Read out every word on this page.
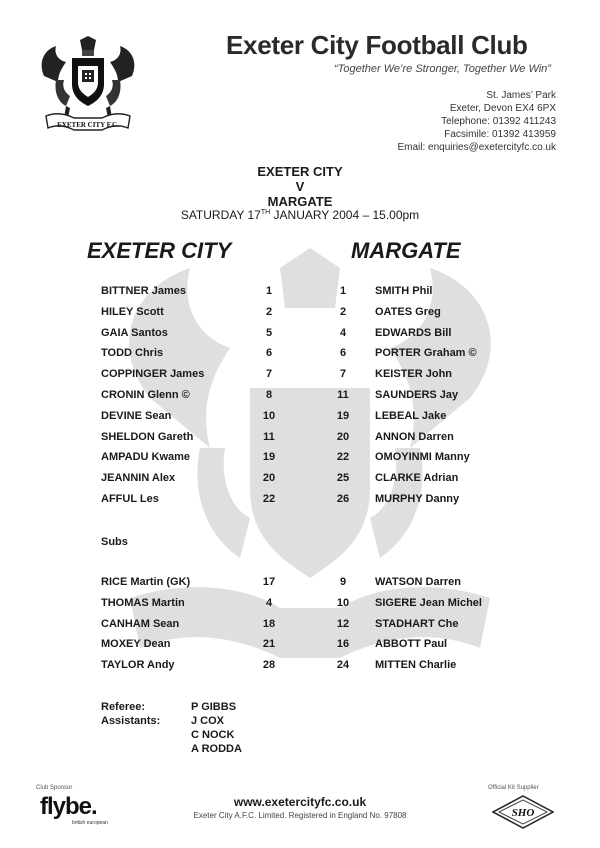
EXETER CITY F.C.
Exeter City Football Club
“Together We’re Stronger, Together We Win”
St. James’ Park
Exeter, Devon EX4 6PX
Telephone: 01392 411243
Facsimile: 01392 413959
Email: enquiries@exetercityfc.co.uk
EXETER CITY
V
MARGATE
SATURDAY 17TH JANUARY 2004 – 15.00pm
EXETER CITY	MARGATE
BITTNER James	1	1	SMITH Phil
HILEY Scott	2	2	OATES Greg
GAIA Santos	5	4	EDWARDS Bill
TODD Chris	6	6	PORTER Graham ©
COPPINGER James	7	7	KEISTER John
CRONIN Glenn ©	8	11	SAUNDERS Jay
DEVINE Sean	10	19	LEBEAL Jake
SHELDON Gareth	11	20	ANNON Darren
AMPADU Kwame	19	22	OMOYINMI Manny
JEANNIN Alex	20	25	CLARKE Adrian
AFFUL Les	22	26	MURPHY Danny
Subs
RICE Martin (GK)	17	9	WATSON Darren
THOMAS Martin	4	10	SIGERE Jean Michel
CANHAM Sean	18	12	STADHART Che
MOXEY Dean	21	16	ABBOTT Paul
TAYLOR Andy	28	24	MITTEN Charlie
Referee:	P GIBBS
Assistants:	J COX
C NOCK
A RODDA
Club Sponsor
flybe.
british european
www.exetercityfc.co.uk
Exeter City A.F.C. Limited. Registered in England No. 97808
Official Kit Supplier
SHO
